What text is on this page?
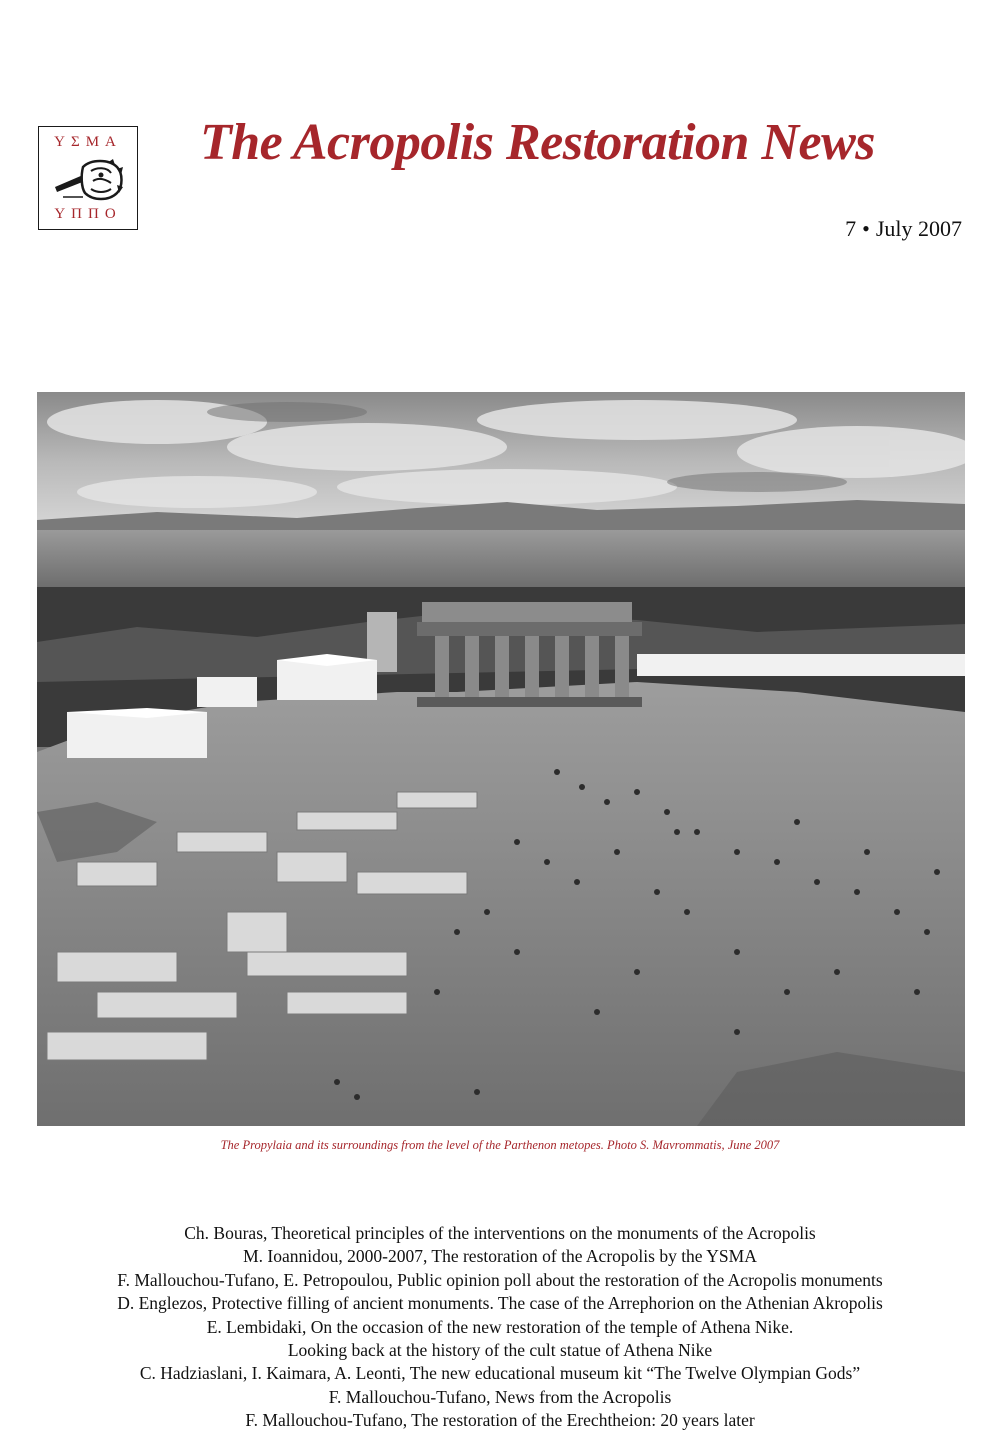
ΥΣΜΑ
ΥΠΠΟ
The Acropolis Restoration News
7 • July 2007
The Propylaia and its surroundings from the level of the Parthenon metopes. Photo S. Mavrommatis, June 2007
Ch. Bouras, Theoretical principles of the interventions on the monuments of the Acropolis
M. Ioannidou, 2000-2007, The restoration of the Acropolis by the YSMA
F. Mallouchou-Tufano, E. Petropoulou, Public opinion poll about the restoration of the Acropolis monuments
D. Englezos, Protective filling of ancient monuments. The case of the Arrephorion on the Athenian Akropolis
E. Lembidaki, On the occasion of the new restoration of the temple of Athena Nike.
Looking back at the history of the cult statue of Athena Nike
C. Hadziaslani, I. Kaimara, A. Leonti, The new educational museum kit “The Twelve Olympian Gods”
F. Mallouchou-Tufano, News from the Acropolis
F. Mallouchou-Tufano, The restoration of the Erechtheion: 20 years later
